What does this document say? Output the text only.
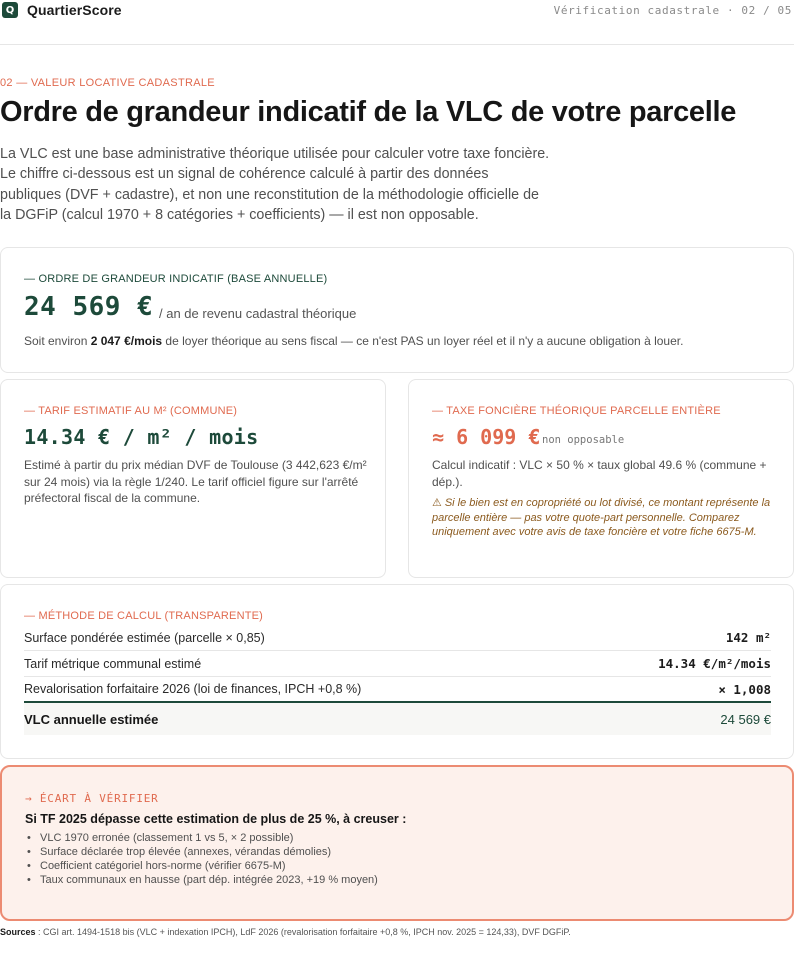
Q QuartierScore	Vérification cadastrale · 02 / 05
02 — VALEUR LOCATIVE CADASTRALE
Ordre de grandeur indicatif de la VLC de votre parcelle
La VLC est une base administrative théorique utilisée pour calculer votre taxe foncière.
Le chiffre ci-dessous est un signal de cohérence calculé à partir des données
publiques (DVF + cadastre), et non une reconstitution de la méthodologie officielle de
la DGFiP (calcul 1970 + 8 catégories + coefficients) — il est non opposable.
— ORDRE DE GRANDEUR INDICATIF (BASE ANNUELLE)
24 569 € / an de revenu cadastral théorique
Soit environ 2 047 €/mois de loyer théorique au sens fiscal — ce n'est PAS un loyer réel et il n'y a aucune obligation à louer.
— TARIF ESTIMATIF AU M² (COMMUNE)
14.34 € / m² / mois
Estimé à partir du prix médian DVF de Toulouse (3 442,623 €/m² sur 24 mois) via la règle 1/240. Le tarif officiel figure sur l'arrêté préfectoral fiscal de la commune.
— TAXE FONCIÈRE THÉORIQUE PARCELLE ENTIÈRE
≈ 6 099 € non opposable
Calcul indicatif : VLC × 50 % × taux global 49.6 % (commune + dép.).
⚠ Si le bien est en copropriété ou lot divisé, ce montant représente la parcelle entière — pas votre quote-part personnelle. Comparez uniquement avec votre avis de taxe foncière et votre fiche 6675-M.
— MÉTHODE DE CALCUL (TRANSPARENTE)
Surface pondérée estimée (parcelle × 0,85)	142 m²
Tarif métrique communal estimé	14.34 €/m²/mois
Revalorisation forfaitaire 2026 (loi de finances, IPCH +0,8 %)	× 1,008
VLC annuelle estimée	24 569 €
→ ÉCART À VÉRIFIER
Si TF 2025 dépasse cette estimation de plus de 25 %, à creuser :
• VLC 1970 erronée (classement 1 vs 5, × 2 possible)
• Surface déclarée trop élevée (annexes, vérandas démolies)
• Coefficient catégoriel hors-norme (vérifier 6675-M)
• Taux communaux en hausse (part dép. intégrée 2023, +19 % moyen)
Sources : CGI art. 1494-1518 bis (VLC + indexation IPCH), LdF 2026 (revalorisation forfaitaire +0,8 %, IPCH nov. 2025 = 124,33), DVF DGFiP.
